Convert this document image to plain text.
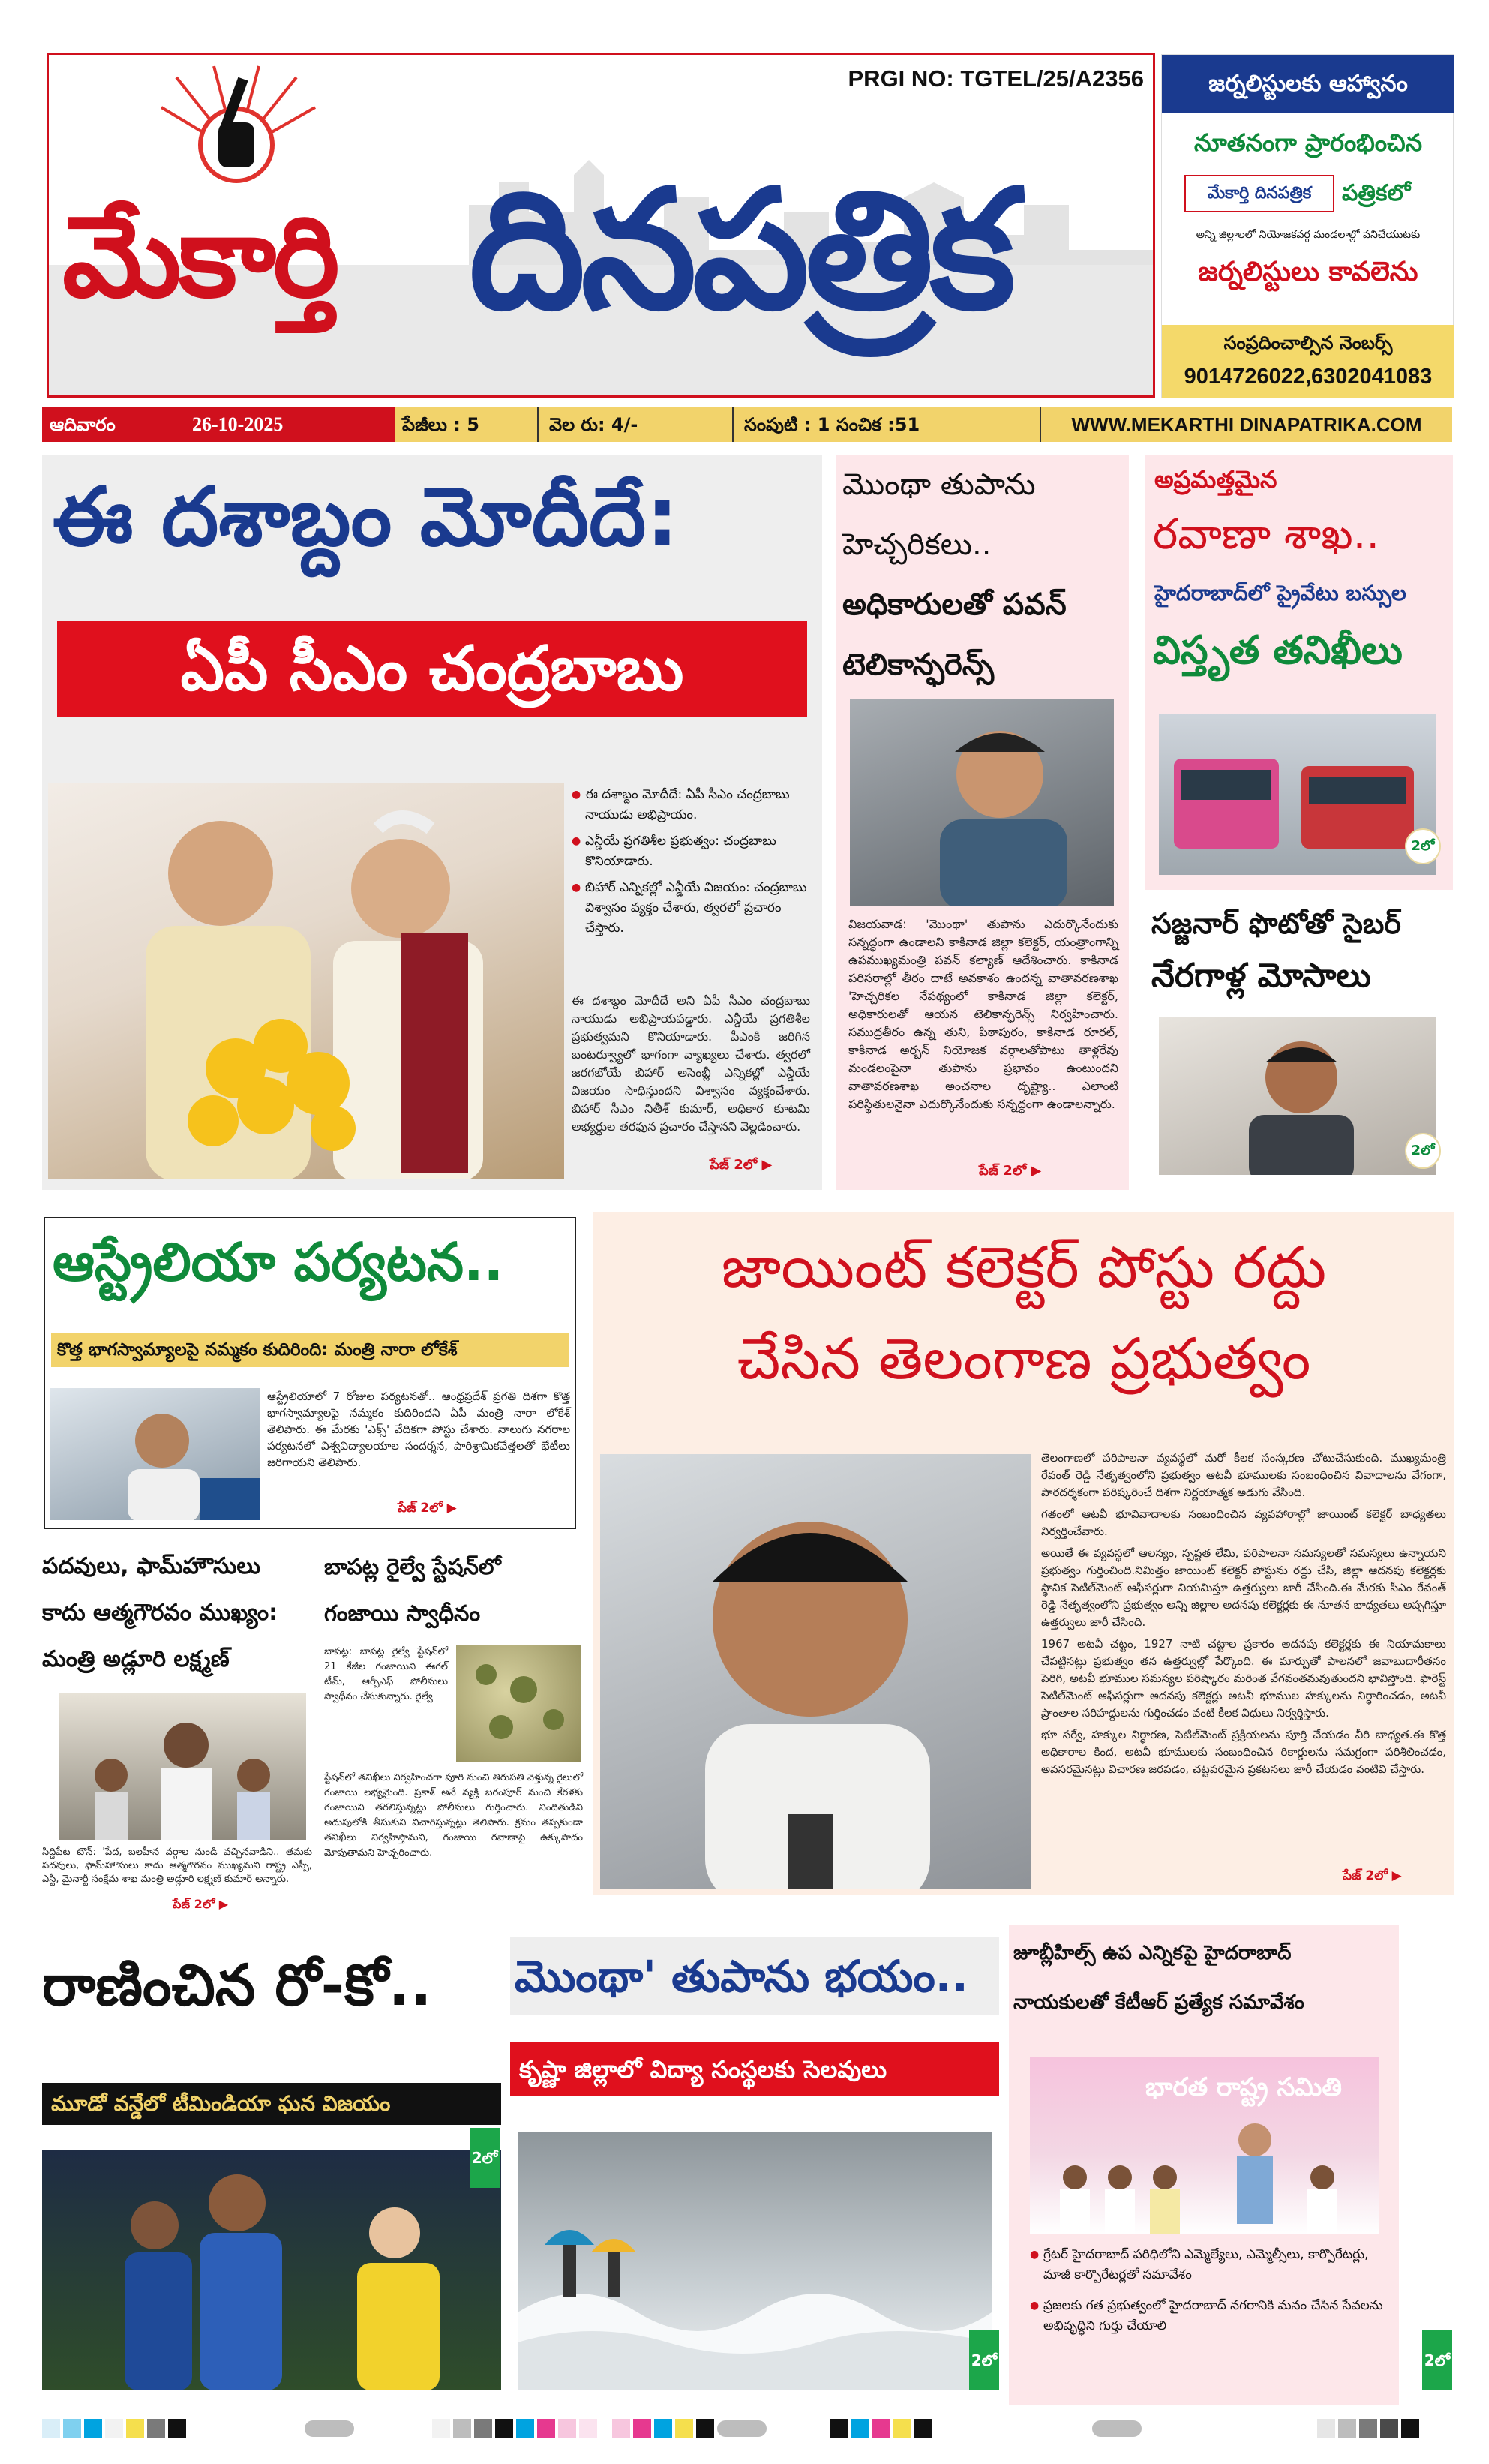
మేకార్తి దినపత్రిక
PRGI NO: TGTEL/25/A2356	జర్నలిస్టులకు ఆహ్వానం
నూతనంగా ప్రారంభించిన
మేకార్తి దినపత్రిక	పత్రికలో
అన్ని జిల్లాలలో నియోజకవర్గ మండలాల్లో పనిచేయుటకు
జర్నలిస్టులు కావలెను
సంప్రదించాల్సిన నెంబర్స్
9014726022,6302041083
ఆదివారం	26-10-2025	పేజీలు : 5	వెల రు: 4/-	సంపుటి : 1 సంచిక :51	WWW.MEKARTHI DINAPATRIKA.COM
ఈ దశాబ్దం మోదీదే:
ఏపీ సీఎం చంద్రబాబు
● ఈ దశాబ్దం మోదీదే: ఏపీ సీఎం చంద్రబాబు నాయుడు అభిప్రాయం.
● ఎన్డీయే ప్రగతిశీల ప్రభుత్వం: చంద్రబాబు కొనియాడారు.
● బిహార్ ఎన్నికల్లో ఎన్డీయే విజయం: చంద్రబాబు విశ్వాసం వ్యక్తం చేశారు, త్వరలో ప్రచారం చేస్తారు.
ఈ దశాబ్దం మోదీదే అని ఏపీ సీఎం చంద్రబాబు నాయుడు అభిప్రాయపడ్డారు. ఎన్డీయే ప్రగతిశీల ప్రభుత్వమని కొనియాడారు. పీఎంకి జరిగిన బంటర్వ్యూలో భాగంగా వ్యాఖ్యలు చేశారు. త్వరలో జరగబోయే బిహార్ అసెంబ్లీ ఎన్నికల్లో ఎన్డీయే విజయం సాధిస్తుందని విశ్వాసం వ్యక్తంచేశారు. బిహార్ సీఎం నితీశ్ కుమార్, అధికార కూటమి అభ్యర్థుల తరఫున ప్రచారం చేస్తానని వెల్లడించారు.
పేజ్ 2లో ▶
మొంథా తుపాను
హెచ్చరికలు..
అధికారులతో పవన్
టెలికాన్ఫరెన్స్
విజయవాడ: 'మొంథా' తుపాను ఎదుర్కొనేందుకు సన్నద్ధంగా ఉండాలని కాకినాడ జిల్లా కలెక్టర్, యంత్రాంగాన్ని ఉపముఖ్యమంత్రి పవన్ కల్యాణ్ ఆదేశించారు. కాకినాడ పరిసరాల్లో తీరం దాటే అవకాశం ఉందన్న వాతావరణశాఖ 'హెచ్చరికల నేపథ్యంలో కాకినాడ జిల్లా కలెక్టర్, అధికారులతో ఆయన టెలికాన్ఫరెన్స్ నిర్వహించారు. సముద్రతీరం ఉన్న తుని, పిఠాపురం, కాకినాడ రూరల్, కాకినాడ అర్బన్ నియోజక వర్గాలతోపాటు తాళ్లరేవు మండలంపైనా తుపాను ప్రభావం ఉంటుందని వాతావరణశాఖ అంచనాల దృష్ట్యా.. ఎలాంటి పరిస్థితులనైనా ఎదుర్కొనేందుకు సన్నద్ధంగా ఉండాలన్నారు.
పేజ్ 2లో ▶
అప్రమత్తమైన
రవాణా శాఖ..
హైదరాబాద్‌లో ప్రైవేటు బస్సుల
విస్తృత తనిఖీలు
2లో
సజ్జనార్ ఫొటోతో సైబర్
నేరగాళ్ల మోసాలు
2లో
ఆస్ట్రేలియా పర్యటన..
కొత్త భాగస్వామ్యాలపై నమ్మకం కుదిరింది: మంత్రి నారా లోకేశ్
ఆస్ట్రేలియాలో 7 రోజుల పర్యటనతో.. ఆంధ్రప్రదేశ్ ప్రగతి దిశగా కొత్త భాగస్వామ్యాలపై నమ్మకం కుదిరిందని ఏపీ మంత్రి నారా లోకేశ్ తెలిపారు. ఈ మేరకు 'ఎక్స్' వేదికగా పోస్టు చేశారు. నాలుగు నగరాల పర్యటనలో విశ్వవిద్యాలయాల సందర్శన, పారిశ్రామికవేత్తలతో భేటీలు జరిగాయని తెలిపారు.
పేజ్ 2లో ▶
జాయింట్ కలెక్టర్ పోస్టు రద్దు
చేసిన తెలంగాణ ప్రభుత్వం

తెలంగాణలో పరిపాలనా వ్యవస్థలో మరో కీలక సంస్కరణ చోటుచేసుకుంది. ముఖ్యమంత్రి రేవంత్ రెడ్డి నేతృత్వంలోని ప్రభుత్వం ఆటవీ భూములకు సంబంధించిన వివాదాలను వేగంగా, పారదర్శకంగా పరిష్కరించే దిశగా నిర్ణయాత్మక అడుగు వేసింది.

గతంలో ఆటవీ భూవివాదాలకు సంబంధించిన వ్యవహారాల్లో జాయింట్ కలెక్టర్ బాధ్యతలు నిర్వర్తించేవారు.

అయితే ఈ వ్యవస్థలో ఆలస్యం, స్పష్టత లేమి, పరిపాలనా సమస్యలతో సమస్యలు ఉన్నాయని ప్రభుత్వం గుర్తించింది.నిమిత్తం జాయింట్ కలెక్టర్ పోస్టును రద్దు చేసి, జిల్లా ఆదనపు కలెక్టర్లకు స్థానిక సెటిల్‌మెంట్ ఆఫీసర్లుగా నియమిస్తూ ఉత్తర్వులు జారీ చేసింది.ఈ మేరకు సీఎం రేవంత్ రెడ్డి నేతృత్వంలోని ప్రభుత్వం అన్ని జిల్లాల అదనపు కలెక్టర్లకు ఈ నూతన బాధ్యతలు అప్పగిస్తూ ఉత్తర్వులు జారీ చేసింది.

1967 అటవీ చట్టం, 1927 నాటి చట్టాల ప్రకారం అదనపు కలెక్టర్లకు ఈ నియామకాలు చేపట్టినట్లు ప్రభుత్వం తన ఉత్తర్వుల్లో పేర్కొంది. ఈ మార్పుతో పాలనలో జవాబుదారీతనం పెరిగి, అటవీ భూముల సమస్యల పరిష్కారం మరింత వేగవంతమవుతుందని భావిస్తోంది. ఫారెస్ట్ సెటిల్‌మెంట్ ఆఫీసర్లుగా అదనపు కలెక్టర్లు అటవీ భూముల హక్కులను నిర్ధారించడం, అటవీ ప్రాంతాల సరిహద్దులను గుర్తించడం వంటి కీలక విధులు నిర్వర్తిస్తారు.

భూ సర్వే, హక్కుల నిర్ధారణ, సెటిల్‌మెంట్ ప్రక్రియలను పూర్తి చేయడం వీరి బాధ్యత.ఈ కొత్త అధికారాల కింద, అటవీ భూములకు సంబంధించిన రికార్డులను సమగ్రంగా పరిశీలించడం, అవసరమైనట్లు విచారణ జరపడం, చట్టపరమైన ప్రకటనలు జారీ చేయడం వంటివి చేస్తారు.

పేజ్ 2లో ▶
పదవులు, ఫామ్‌హౌసులు
కాదు ఆత్మగౌరవం ముఖ్యం:
మంత్రి అడ్లూరి లక్ష్మణ్
సిద్దిపేట టౌన్: 'పేద, బలహీన వర్గాల నుండి వచ్చినవాడిని.. తమకు పదవులు, ఫామ్‌హౌసులు కాదు ఆత్మగౌరవం ముఖ్యమని రాష్ట్ర ఎస్సీ, ఎస్టీ, మైనార్టీ సంక్షేమ శాఖ మంత్రి అడ్లూరి లక్ష్మణ్ కుమార్ అన్నారు.
పేజ్ 2లో ▶
బాపట్ల రైల్వే స్టేషన్‌లో
గంజాయి స్వాధీనం
బాపట్ల: బాపట్ల రైల్వే స్టేషన్‌లో 21 కేజీల గంజాయిని ఈగల్ టీమ్, ఆర్పీఎఫ్ పోలీసులు స్వాధీనం చేసుకున్నారు. రైల్వే
స్టేషన్‌లో తనిఖీలు నిర్వహించగా పూరి నుంచి తిరుపతి వెళ్తున్న రైలులో గంజాయి లభ్యమైంది. ప్రకాశ్ అనే వ్యక్తి బరంపూర్ నుంచి కేరళకు గంజాయిని తరలిస్తున్నట్లు పోలీసులు గుర్తించారు. నిందితుడిని అదుపులోకి తీసుకుని విచారిస్తున్నట్లు తెలిపారు. క్రమం తప్పకుండా తనిఖీలు నిర్వహిస్తామని, గంజాయి రవాణాపై ఉక్కుపాదం మోపుతామని హెచ్చరించారు.
రాణించిన రో-కో..
మూడో వన్డేలో టీమిండియా ఘన విజయం
2లో
మొంథా' తుపాను భయం..
కృష్ణా జిల్లాలో విద్యా సంస్థలకు సెలవులు
2లో
జూబ్లీహిల్స్ ఉప ఎన్నికపై హైదరాబాద్
నాయకులతో కేటీఆర్ ప్రత్యేక సమావేశం
భారత రాష్ట్ర సమితి
● గ్రేటర్ హైదరాబాద్ పరిధిలోని ఎమ్మెల్యేలు, ఎమ్మెల్సీలు, కార్పొరేటర్లు, మాజీ కార్పొరేటర్లతో సమావేశం
● ప్రజలకు గత ప్రభుత్వంలో హైదరాబాద్ నగరానికి మనం చేసిన సేవలను అభివృద్ధిని గుర్తు చేయాలి
2లో
